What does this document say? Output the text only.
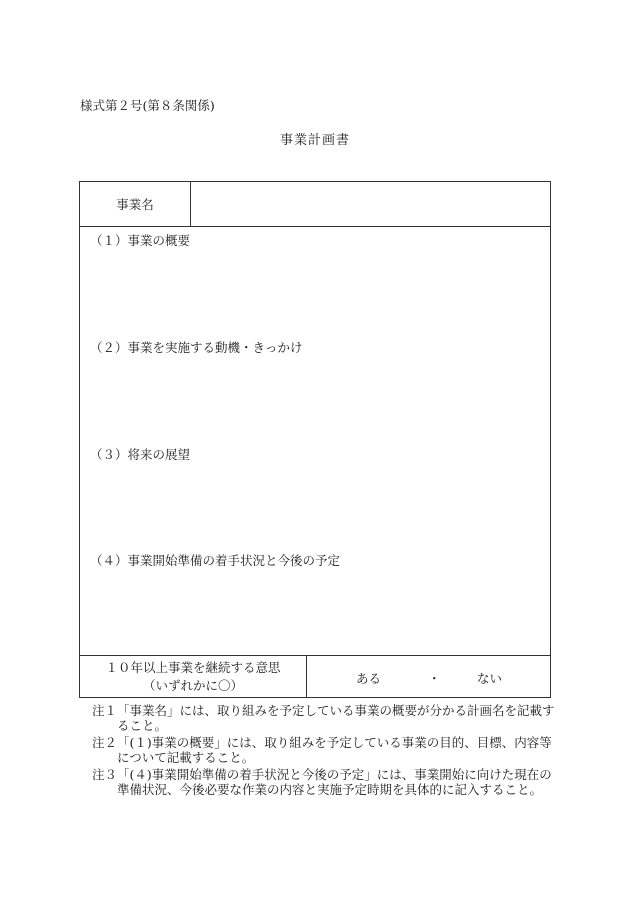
様式第２号(第８条関係)
事業計画書
事業名
（１）事業の概要
（２）事業を実施する動機・きっかけ
（３）将来の展望
（４）事業開始準備の着手状況と今後の予定
１０年以上事業を継続する意思
（いずれかに〇）	ある	・	ない
注１ 「事業名」には、取り組みを予定している事業の概要が分かる計画名を記載すること。
注２ 「(１)事業の概要」には、取り組みを予定している事業の目的、目標、内容等について記載すること。
注３ 「(４)事業開始準備の着手状況と今後の予定」には、事業開始に向けた現在の準備状況、今後必要な作業の内容と実施予定時期を具体的に記入すること。
